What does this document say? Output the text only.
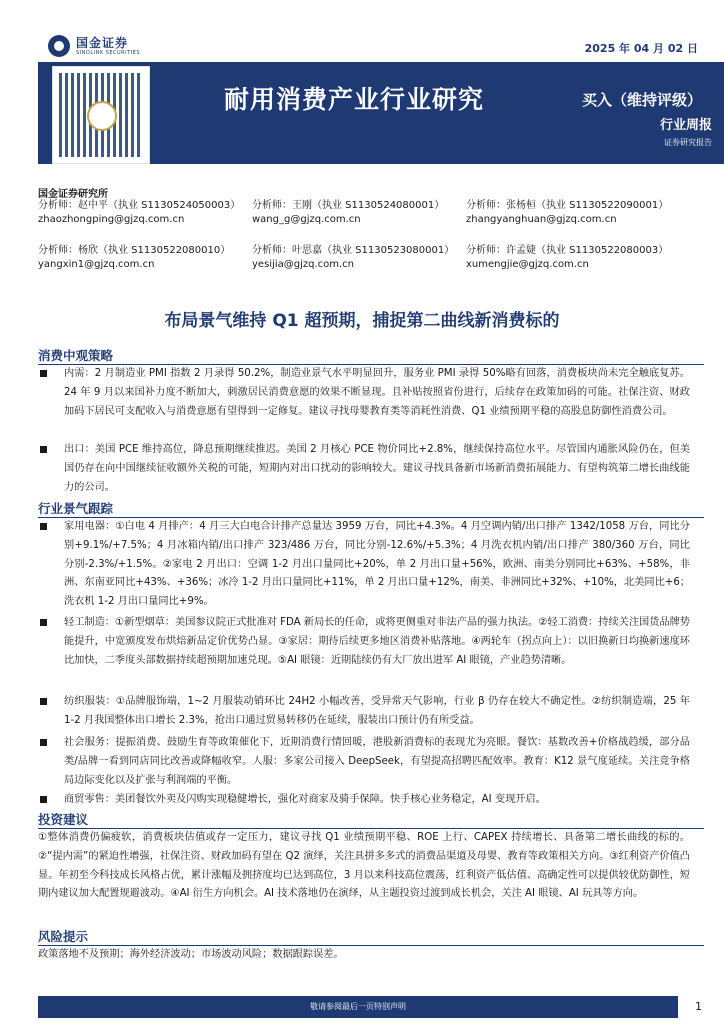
国金证券
SINOLINK SECURITIES	2025 年 04 月 02 日
耐用消费产业行业研究	买入（维持评级）
行业周报
证券研究报告
国金证券研究所
分析师：赵中平（执业 S1130524050003）
zhaozhongping@gjzq.com.cn
分析师：王刚（执业 S1130524080001）
wang_g@gjzq.com.cn
分析师：张杨桓（执业 S1130522090001）
zhangyanghuan@gjzq.com.cn
分析师：杨欣（执业 S1130522080010）
yangxin1@gjzq.com.cn
分析师：叶思嘉（执业 S1130523080001）
yesijia@gjzq.com.cn
分析师：许孟婕（执业 S1130522080003）
xumengjie@gjzq.com.cn
布局景气维持 Q1 超预期，捕捉第二曲线新消费标的
消费中观策略
内需：2 月制造业 PMI 指数 2 月录得 50.2%，制造业景气水平明显回升，服务业 PMI 录得 50%略有回落，消费板块尚未完全触底复苏。24 年 9 月以来国补力度不断加大，刺激居民消费意愿的效果不断显现。且补贴按照省份进行，后续存在政策加码的可能。社保注资、财政加码下居民可支配收入与消费意愿有望得到一定修复。建议寻找母婴教育类等消耗性消费、Q1 业绩预期平稳的高股息防御性消费公司。
出口：美国 PCE 维持高位，降息预期继续推迟。美国 2 月核心 PCE 物价同比+2.8%，继续保持高位水平。尽管国内通胀风险仍在，但美国仍存在向中国继续征收额外关税的可能，短期内对出口扰动的影响较大。建议寻找具备新市场新消费拓展能力、有望构筑第二增长曲线能力的公司。
行业景气跟踪
家用电器：①白电 4 月排产：4 月三大白电合计排产总量达 3959 万台，同比+4.3%。4 月空调内销/出口排产 1342/1058 万台，同比分别+9.1%/+7.5%；4 月冰箱内销/出口排产 323/486 万台，同比分别-12.6%/+5.3%；4 月洗衣机内销/出口排产 380/360 万台，同比分别-2.3%/+1.5%。②家电 2 月出口：空调 1-2 月出口量同比+20%，单 2 月出口量+56%，欧洲、南美分别同比+63%、+58%，非洲、东南亚同比+43%、+36%；冰冷 1-2 月出口量同比+11%，单 2 月出口量+12%，南美、非洲同比+32%、+10%，北美同比+6；洗衣机 1-2 月出口量同比+9%。
轻工制造：①新型烟草：美国参议院正式批准对 FDA 新局长的任命，或将更侧重对非法产品的强力执法。②轻工消费：持续关注国货品牌势能提升，中宽颁度发布烘焙新品定价优势凸显。③家居：期待后续更多地区消费补贴落地。④两轮车（拐点向上）：以旧换新日均换新速度环比加快，二季度头部数据持续超预期加速兑现。⑤AI 眼镜：近期陆续仍有大厂放出进军 AI 眼镜，产业趋势清晰。
纺织服装：①品牌服饰端，1~2 月服装动销环比 24H2 小幅改善，受异常天气影响，行业 β 仍存在较大不确定性。②纺织制造端，25 年 1-2 月我国整体出口增长 2.3%，抢出口通过贸易转移仍在延续，服装出口预计仍有所受益。
社会服务：提振消费、鼓励生育等政策催化下，近期消费行情回暖，港股新消费标的表现尤为亮眼。餐饮：基数改善+价格战趋缓，部分品类/品牌一看到同店同比改善或降幅收窄。人服：多家公司接入 DeepSeek，有望提高招聘匹配效率。教育：K12 景气度延续。关注竞争格局边际变化以及扩张与利润端的平衡。
商贸零售：美团餐饮外卖及闪购实现稳健增长，强化对商家及骑手保障。快手核心业务稳定，AI 变现开启。
投资建议
①整体消费仍偏疲软，消费板块估值或存一定压力，建议寻找 Q1 业绩预期平稳、ROE 上行、CAPEX 持续增长、具备第二增长曲线的标的。②“提内需”的紧迫性增强，社保注资、财政加码有望在 Q2 演绎，关注具拼多多式的消费品渠道及母婴、教育等政策相关方向。③红利资产价值凸显。年初至今科技成长风格占优，累计涨幅及拥挤度均已达到高位，3 月以来科技高位震荡，红利资产低估值、高确定性可以提供较优防御性，短期内建议加大配置规避波动。④AI 衍生方向机会。AI 技术落地仍在演绎，从主题投资过渡到成长机会，关注 AI 眼镜、AI 玩具等方向。
风险提示
政策落地不及预期；海外经济波动；市场波动风险；数据跟踪误差。
敬请参阅最后一页特别声明	1
